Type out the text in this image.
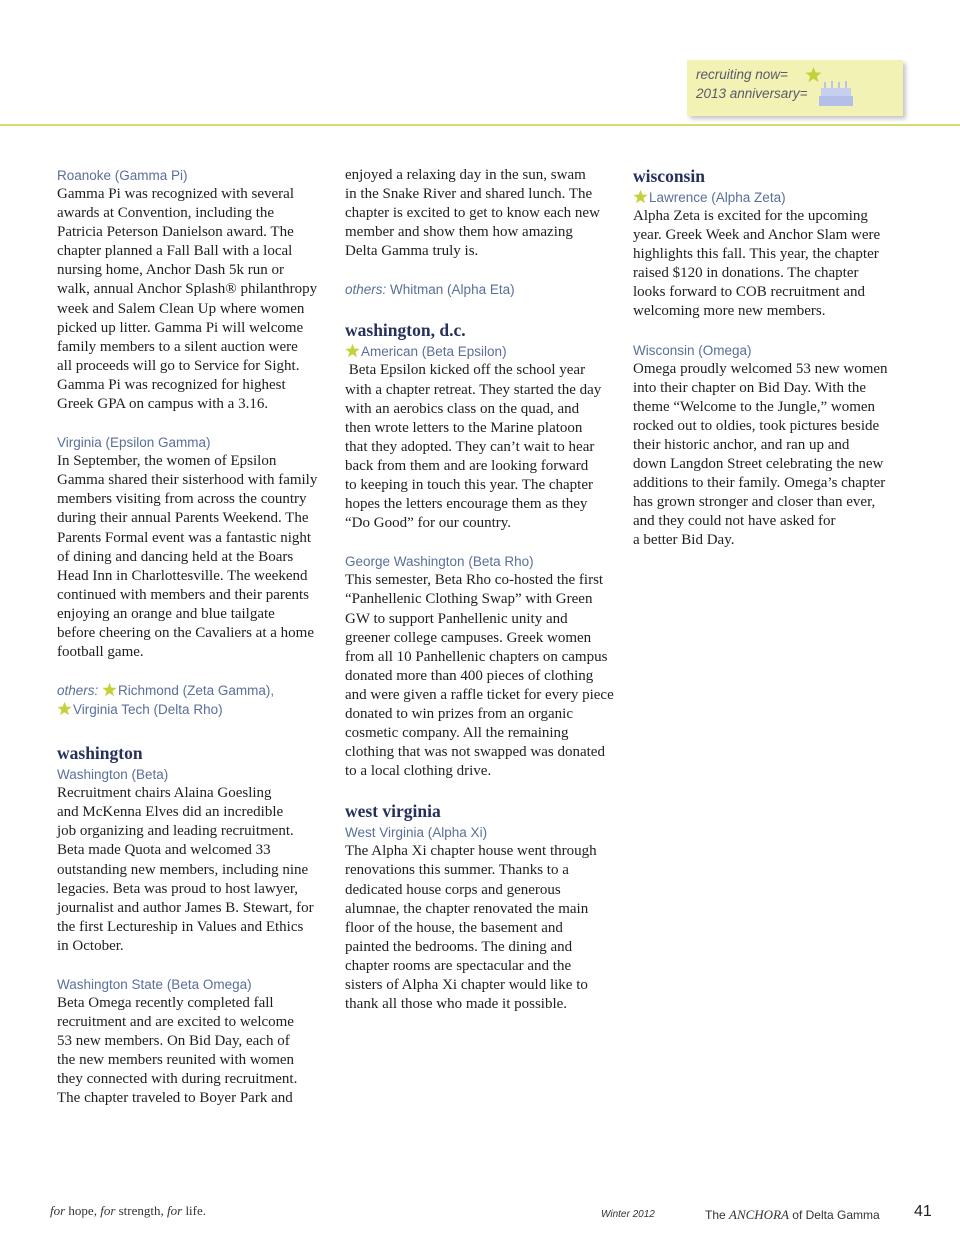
recruiting now=
2013 anniversary=
Roanoke (Gamma Pi)

Gamma Pi was recognized with several
awards at Convention, including the
Patricia Peterson Danielson award. The
chapter planned a Fall Ball with a local
nursing home, Anchor Dash 5k run or
walk, annual Anchor Splash® philanthropy
week and Salem Clean Up where women
picked up litter. Gamma Pi will welcome
family members to a silent auction were
all proceeds will go to Service for Sight.
Gamma Pi was recognized for highest
Greek GPA on campus with a 3.16.

Virginia (Epsilon Gamma)

In September, the women of Epsilon
Gamma shared their sisterhood with family
members visiting from across the country
during their annual Parents Weekend. The
Parents Formal event was a fantastic night
of dining and dancing held at the Boars
Head Inn in Charlottesville. The weekend
continued with members and their parents
enjoying an orange and blue tailgate
before cheering on the Cavaliers at a home
football game.

others: Richmond (Zeta Gamma),
Virginia Tech (Delta Rho)
washington
Washington (Beta)

Recruitment chairs Alaina Goesling
and McKenna Elves did an incredible
job organizing and leading recruitment.
Beta made Quota and welcomed 33
outstanding new members, including nine
legacies. Beta was proud to host lawyer,
journalist and author James B. Stewart, for
the first Lectureship in Values and Ethics
in October.

Washington State (Beta Omega)

Beta Omega recently completed fall
recruitment and are excited to welcome
53 new members. On Bid Day, each of
the new members reunited with women
they connected with during recruitment.
The chapter traveled to Boyer Park and

enjoyed a relaxing day in the sun, swam
in the Snake River and shared lunch. The
chapter is excited to get to know each new
member and show them how amazing
Delta Gamma truly is.

others: Whitman (Alpha Eta)
washington, d.c.
American (Beta Epsilon)

Beta Epsilon kicked off the school year
with a chapter retreat. They started the day
with an aerobics class on the quad, and
then wrote letters to the Marine platoon
that they adopted. They can’t wait to hear
back from them and are looking forward
to keeping in touch this year. The chapter
hopes the letters encourage them as they
“Do Good” for our country.

George Washington (Beta Rho)

This semester, Beta Rho co-hosted the first
“Panhellenic Clothing Swap” with Green
GW to support Panhellenic unity and
greener college campuses. Greek women
from all 10 Panhellenic chapters on campus
donated more than 400 pieces of clothing
and were given a raffle ticket for every piece
donated to win prizes from an organic
cosmetic company. All the remaining
clothing that was not swapped was donated
to a local clothing drive.

west virginia
West Virginia (Alpha Xi)

The Alpha Xi chapter house went through
renovations this summer. Thanks to a
dedicated house corps and generous
alumnae, the chapter renovated the main
floor of the house, the basement and
painted the bedrooms. The dining and
chapter rooms are spectacular and the
sisters of Alpha Xi chapter would like to
thank all those who made it possible.

wisconsin
Lawrence (Alpha Zeta)

Alpha Zeta is excited for the upcoming
year. Greek Week and Anchor Slam were
highlights this fall. This year, the chapter
raised $120 in donations. The chapter
looks forward to COB recruitment and
welcoming more new members.

Wisconsin (Omega)

Omega proudly welcomed 53 new women
into their chapter on Bid Day. With the
theme “Welcome to the Jungle,” women
rocked out to oldies, took pictures beside
their historic anchor, and ran up and
down Langdon Street celebrating the new
additions to their family. Omega’s chapter
has grown stronger and closer than ever,
and they could not have asked for
a better Bid Day.

for hope, for strength, for life.	Winter 2012	The ANCHORA of Delta Gamma 41
